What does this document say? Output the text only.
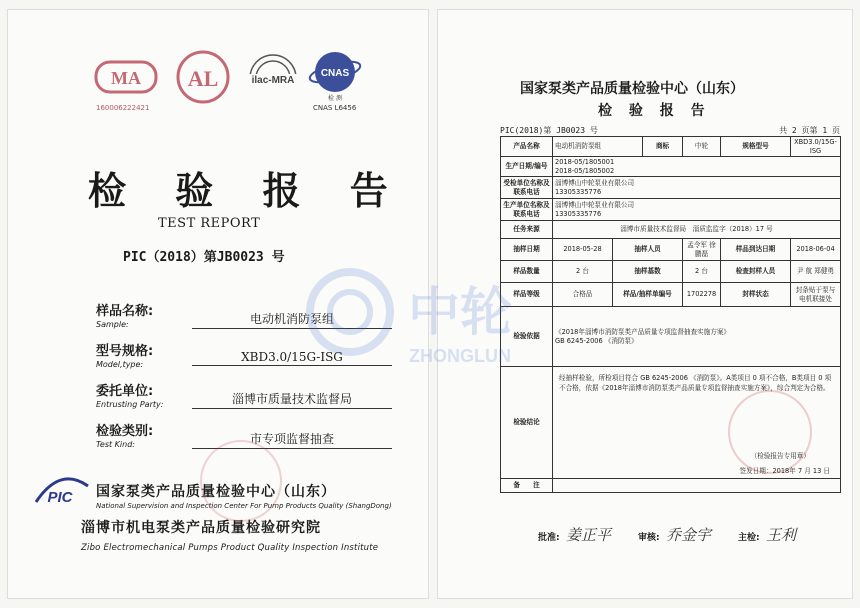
MA
160006222421
AL	ilac-MRA
CNAS
检 测
CNAS L6456
检 验 报 告
TEST REPORT
PIC（2018）第JB0023 号
样品名称:
Sample:	电动机消防泵组
型号规格:
Model,type:
XBD3.0/15G-ISG
委托单位:
Entrusting Party:	淄博市质量技术监督局
检验类别:
Test Kind:	市专项监督抽查
PIC 国家泵类产品质量检验中心（山东）
National Supervision and Inspection Center For Pump Products Quality (ShangDong)
淄博市机电泵类产品质量检验研究院
Zibo Electromechanical Pumps Product Quality Inspection Institute
国家泵类产品质量检验中心（山东）
检 验 报 告
PIC(2018)第 JB0023 号	共 2 页第 1 页
产品名称	电动机消防泵组		商标	中轮	规格型号	XBD3.0/15G-ISG
生产日期/编号	2018-05/1805001
2018-05/1805002					

受检单位名称及联系电话	淄博博山中轮泵业有限公司
13305335776					

生产单位名称及联系电话	淄博博山中轮泵业有限公司
13305335776					

任务来源	淄博市质量技术监督局　淄质监监字（2018）17 号					
抽样日期	2018-05-28	抽样人员		孟令军 徐鹏磊	样品到达日期	2018-06-04
样品数量	2 台	抽样基数		2 台	检查封样人员	尹 航 郑健勇
样品等级	合格品	样品/抽样单编号		1702278	封样状态	封条贴于泵与电机联接处
检验依据	《2018年淄博市消防泵类产品质量专项监督抽查实施方案》
GB 6245-2006 《消防泵》					

检验结论	经抽样检验，所检项目符合 GB 6245-2006 《消防泵》。A类项目 0 项不合格，B类项目 0 项不合格，依据《2018年淄博市消防泵类产品质量专项监督抽查实施方案》，综合判定为合格。
（检验报告专用章）
签发日期：2018年 7 月 13 日					

备　　注						
批准: 姜正平	审核: 乔金宇	主检: 王利
中轮
ZHONGLUN
